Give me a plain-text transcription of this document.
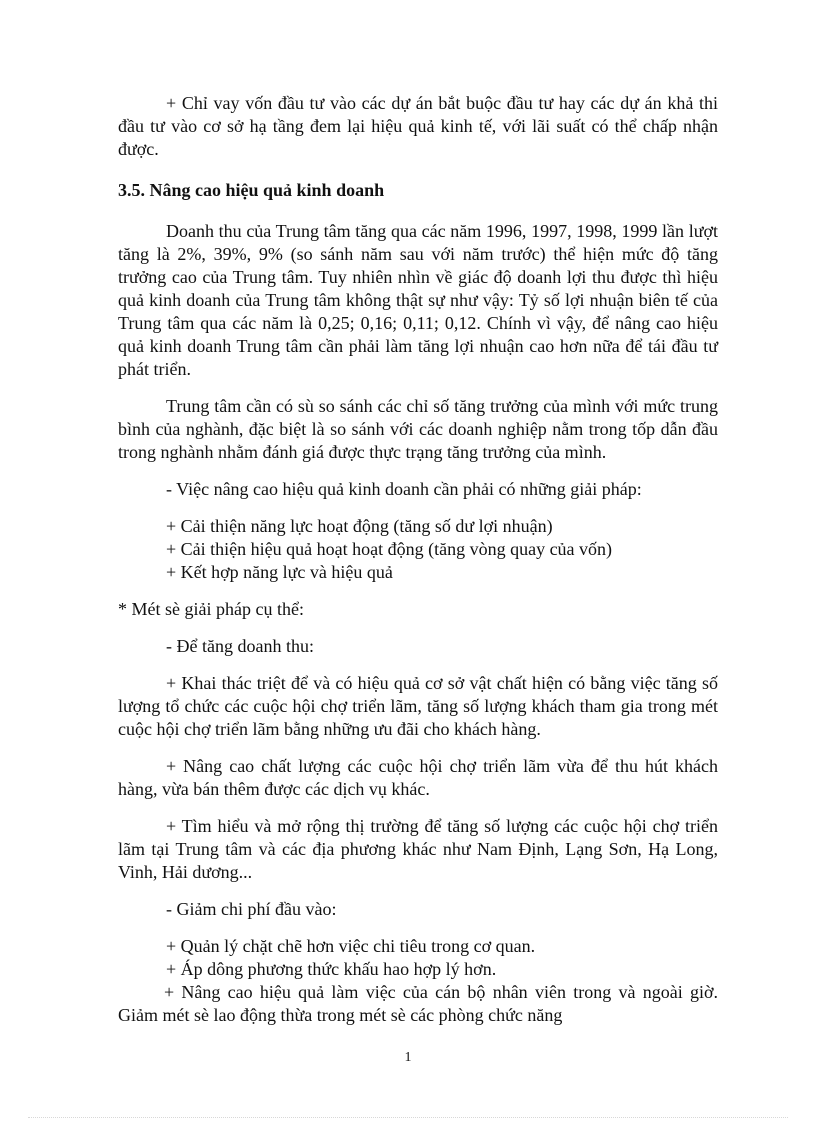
+ Chỉ vay vốn đầu tư vào các dự án bắt buộc đầu tư hay các dự án khả thi đầu tư vào cơ sở hạ tầng đem lại hiệu quả kinh tế, với lãi suất có thể chấp nhận được.

3.5. Nâng cao hiệu quả kinh doanh

Doanh thu của Trung tâm tăng qua các năm 1996, 1997, 1998, 1999 lần lượt tăng là 2%, 39%, 9% (so sánh năm sau với năm trước) thể hiện mức độ tăng trưởng cao của Trung tâm. Tuy nhiên nhìn về giác độ doanh lợi thu được thì hiệu quả kinh doanh của Trung tâm không thật sự như vậy: Tỷ số lợi nhuận biên tế của Trung tâm qua các năm là 0,25; 0,16; 0,11; 0,12. Chính vì vậy, để nâng cao hiệu quả kinh doanh Trung tâm cần phải làm tăng lợi nhuận cao hơn nữa để tái đầu tư phát triển.

Trung tâm cần có sù so sánh các chỉ số tăng trưởng của mình với mức trung bình của nghành, đặc biệt là so sánh với các doanh nghiệp nằm trong tốp dẫn đầu trong nghành nhằm đánh giá được thực trạng tăng trưởng của mình.

- Việc nâng cao hiệu quả kinh doanh cần phải có những giải pháp:

+ Cải thiện năng lực hoạt động (tăng số dư lợi nhuận)

+ Cải thiện hiệu quả hoạt hoạt động (tăng vòng quay của vốn)

+ Kết hợp năng lực và hiệu quả

* Mét sè giải pháp cụ thể:

- Để tăng doanh thu:

+ Khai thác triệt để và có hiệu quả cơ sở vật chất hiện có bằng việc tăng số lượng tổ chức các cuộc hội chợ triển lãm, tăng số lượng khách tham gia trong mét cuộc hội chợ triển lãm bằng những ưu đãi cho khách hàng.

+ Nâng cao chất lượng các cuộc hội chợ triển lãm vừa để thu hút khách hàng, vừa bán thêm được các dịch vụ khác.

+ Tìm hiểu và mở rộng thị trường để tăng số lượng các cuộc hội chợ triển lãm tại Trung tâm và các địa phương khác như Nam Định, Lạng Sơn, Hạ Long, Vinh, Hải dương...

- Giảm chi phí đầu vào:

+ Quản lý chặt chẽ hơn việc chi tiêu trong cơ quan.

+ Áp dông phương thức khấu hao hợp lý hơn.

+ Nâng cao hiệu quả làm việc của cán bộ nhân viên trong và ngoài giờ. Giảm mét sè lao động thừa trong mét sè các phòng chức năng

1
